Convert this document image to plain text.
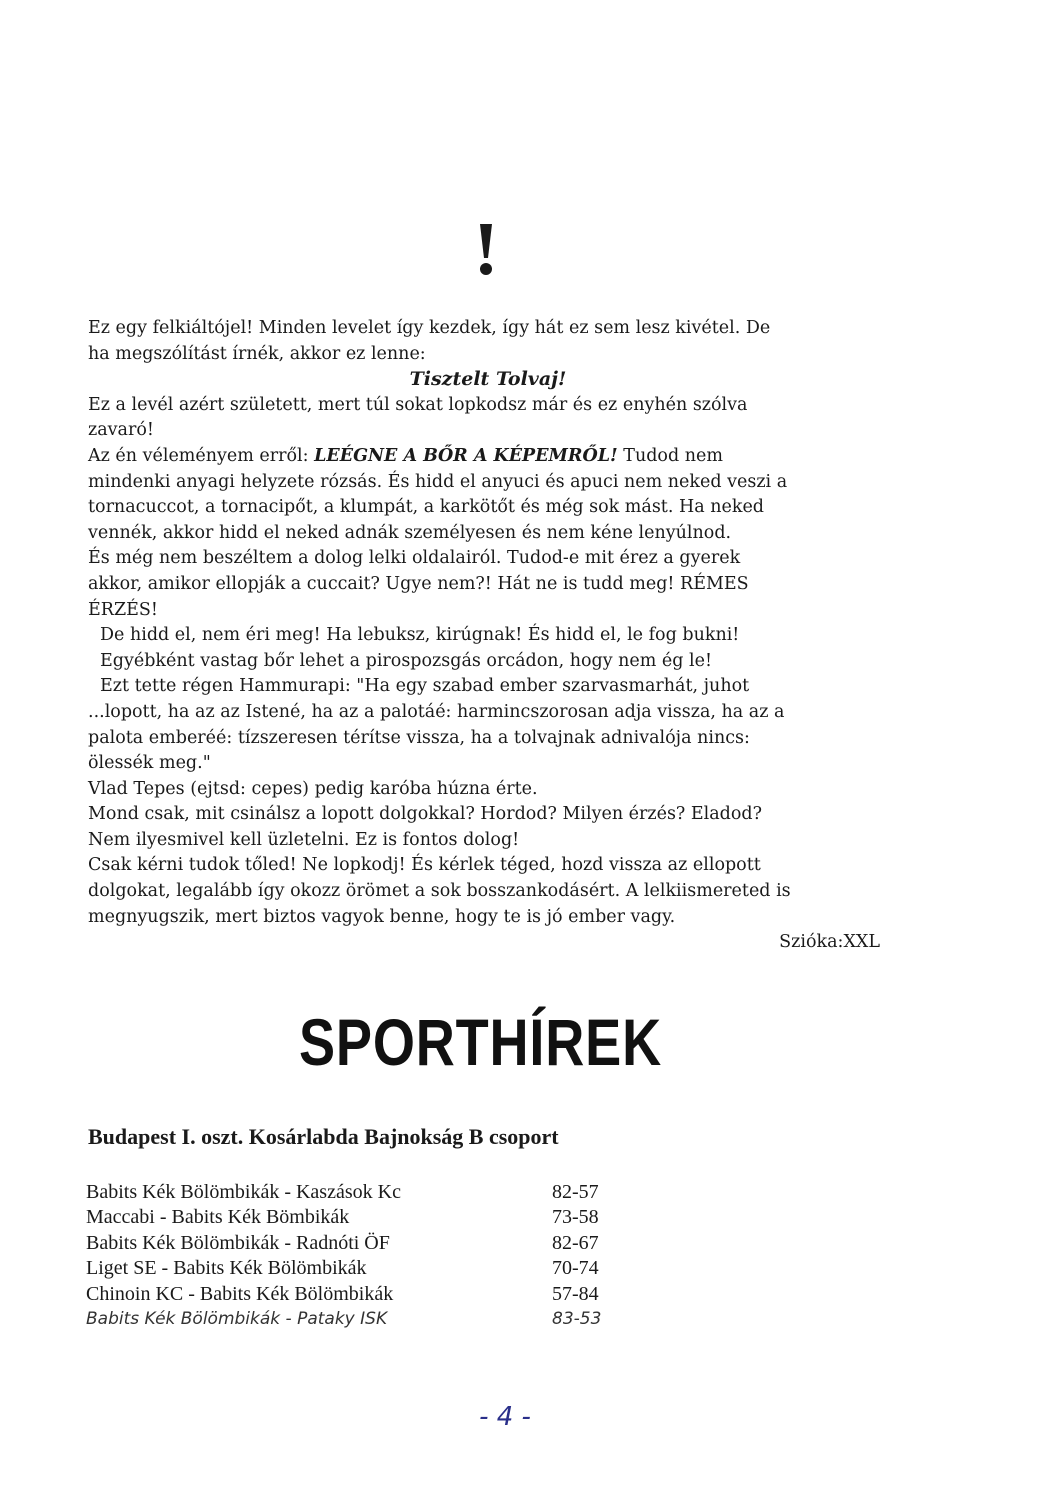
Ez egy felkiáltójel! Minden levelet így kezdek, így hát ez sem lesz kivétel. De

ha megszólítást írnék, akkor ez lenne:

Tisztelt Tolvaj!

Ez a levél azért született, mert túl sokat lopkodsz már és ez enyhén szólva

zavaró!

Az én véleményem erről: LEÉGNE A BŐR A KÉPEMRŐL! Tudod nem

mindenki anyagi helyzete rózsás. És hidd el anyuci és apuci nem neked veszi a

tornacuccot, a tornacipőt, a klumpát, a karkötőt és még sok mást. Ha neked

vennék, akkor hidd el neked adnák személyesen és nem kéne lenyúlnod.

És még nem beszéltem a dolog lelki oldalairól. Tudod-e mit érez a gyerek

akkor, amikor ellopják a cuccait? Ugye nem?! Hát ne is tudd meg! RÉMES

ÉRZÉS!

De hidd el, nem éri meg! Ha lebuksz, kirúgnak! És hidd el, le fog bukni!

Egyébként vastag bőr lehet a pirospozsgás orcádon, hogy nem ég le!

Ezt tette régen Hammurapi: "Ha egy szabad ember szarvasmarhát, juhot

...lopott, ha az az Istené, ha az a palotáé: harmincszorosan adja vissza, ha az a

palota emberéé: tízszeresen térítse vissza, ha a tolvajnak adnivalója nincs:

ölessék meg."

Vlad Tepes (ejtsd: cepes) pedig karóba húzna érte.

Mond csak, mit csinálsz a lopott dolgokkal? Hordod? Milyen érzés? Eladod?

Nem ilyesmivel kell üzletelni. Ez is fontos dolog!

Csak kérni tudok tőled! Ne lopkodj! És kérlek téged, hozd vissza az ellopott

dolgokat, legalább így okozz örömet a sok bosszankodásért. A lelkiismereted is

megnyugszik, mert biztos vagyok benne, hogy te is jó ember vagy.

Szióka:XXL

SPORTHÍREK
Budapest I. oszt. Kosárlabda Bajnokság B csoport
Babits Kék Bölömbikák - Kaszások Kc	82-57
Maccabi - Babits Kék Bömbikák	73-58
Babits Kék Bölömbikák - Radnóti ÖF	82-67
Liget SE - Babits Kék Bölömbikák	70-74
Chinoin KC - Babits Kék Bölömbikák	57-84
Babits Kék Bölömbikák - Pataky ISK	83-53
- 4 -
